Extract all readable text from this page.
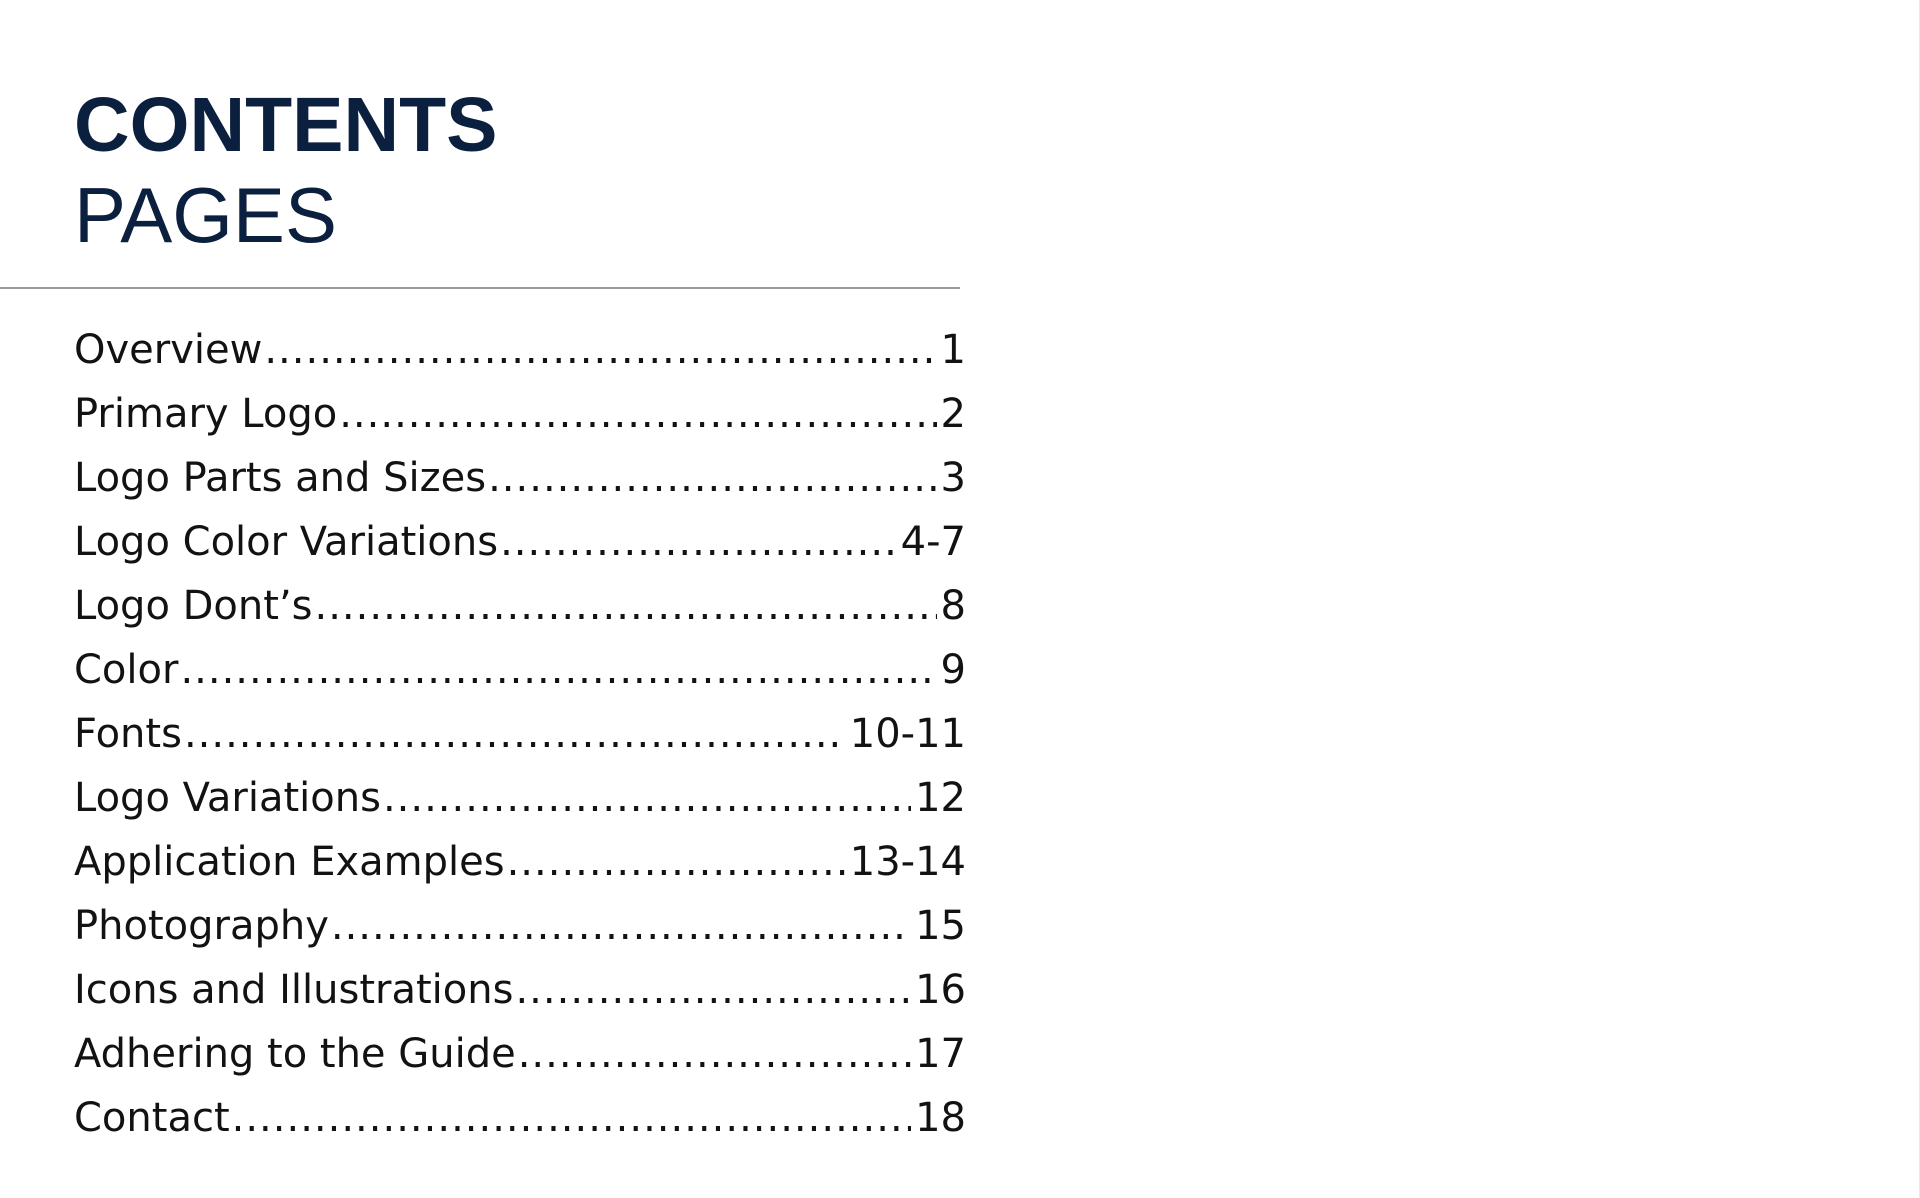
CONTENTS
PAGES
Overview .....	1
Primary Logo .....	2
Logo Parts and Sizes .....	3
Logo Color Variations .....	4-7
Logo Dont’s .....	8
Color .....	9
Fonts .....	10-11
Logo Variations .....	12
Application Examples .....	13-14
Photography .....	15
Icons and Illustrations .....	16
Adhering to the Guide .....	17
Contact .....	18
